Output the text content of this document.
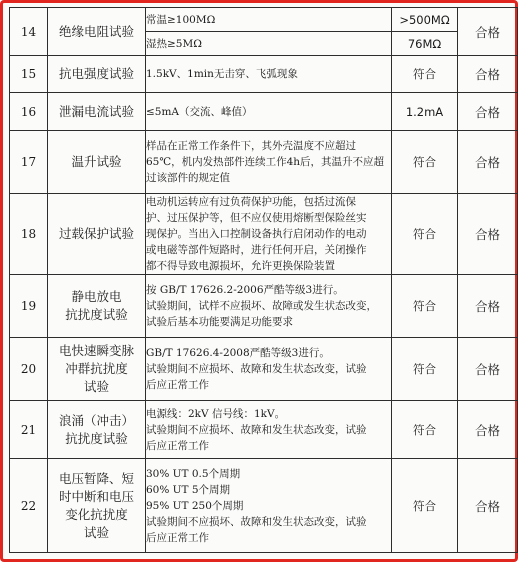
14	绝缘电阻试验	常温≥100MΩ	>500MΩ	合格

		湿热≥5MΩ	76MΩ	
15	抗电强度试验	1.5kV、1min无击穿、飞弧现象	符合	合格
16	泄漏电流试验	≤5mA（交流、峰值）	1.2mA	合格
17	温升试验	样品在正常工作条件下，其外壳温度不应超过
65℃，机内发热部件连续工作4h后，其温升不应超
过该部件的规定值	符合	合格
18	过载保护试验	电动机运转应有过负荷保护功能，包括过流保
护、过压保护等，但不应仅使用熔断型保险丝实
现保护。当出入口控制设备执行启闭动作的电动
或电磁等部件短路时，进行任何开启，关闭操作
都不得导致电源损坏，允许更换保险装置	符合	合格
19	静电放电
抗扰度试验	按 GB/T 17626.2-2006严酷等级3进行。
试验期间，试样不应损坏、故障或发生状态改变，
试验后基本功能要满足功能要求	符合	合格
20	电快速瞬变脉
冲群抗扰度
试验	GB/T 17626.4-2008严酷等级3进行。
试验期间不应损坏、故障和发生状态改变，试验
后应正常工作	符合	合格
21	浪涌（冲击）
抗扰度试验	电源线：2kV 信号线：1kV。
试验期间不应损坏、故障和发生状态改变，试验
后应正常工作	符合	合格
22	电压暂降、短
时中断和电压
变化抗扰度
试验	30% UT 0.5个周期
60% UT 5个周期
95% UT 250个周期
试验期间不应损坏、故障和发生状态改变，试验
后应正常工作	符合	合格
